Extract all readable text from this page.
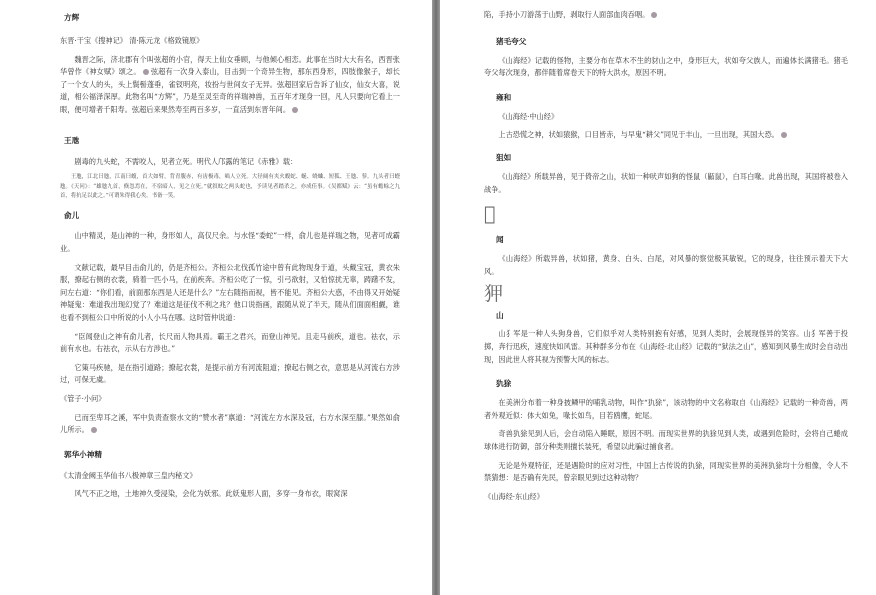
方辉

东晋·干宝《搜神记》 清·陈元龙《格致镜原》

魏晋之际，济北郡有个叫弦超的小官，得天上仙女垂顾，与他倾心相恋。此事在当时大大有名，西晋张华曾作《神女赋》颂之。 弦超有一次身入泰山，目击到一个奇异生物，那东西身形，四肢像猴子，却长了一个女人的头，头上鬓髻蓬垂，雀钗明亮，妆扮与世间女子无异。弦超回家后告诉了仙女，仙女大喜，说道，相公福泽深厚。此物名叫“方辉”，乃是至灵至奇的祥瑞神兽，五百年才现身一回，凡人只要向它看上一眼，便可增者千阳寿。弦超后来果然寿至两百多岁，一直活到东晋年间。

王虺

剧毒的九头蛇，不需咬人，见者立死。明代人邝露的笔记《赤雅》载：

王虺，江北曰虺，江南曰蝮，首大如臂，背青腹赤，有齿极毒，啮人立死。大径阔有夹火蝮蛇、蜒、蛲蛐、短狐、王虺、蓼。九头者曰蝰虺。《天问》：“雄虺九首，倏忽焉在，不宿暗人，见之立死。”就叙蚊之两头蛇也，予读见者踏杀之，亦成佳事。《吴都赋》云：“虽有蟾蜍之九首，将抗足以此之。”可谓朱得我心矣。书备一笑。

俞儿

山中精灵，是山神的一种，身形如人，高仅尺余。与水怪“委蛇”一样，俞儿也是祥瑞之物，见者可成霸业。

文献记载，最早目击俞儿的，仍是齐桓公。齐桓公北伐孤竹途中曾有此物现身于道，头戴宝冠，黄衣朱服，撩起右侧的衣裳，骑着一匹小马，在前疾奔。齐桓公吃了一惊，引弓欲射，又怕惊扰无辜，踌躇不发，问左右道：“你们看，前面那东西是人还是什么？”左右随指而视，皆不能见。齐桓公大惑，不由得又开始疑神疑鬼：难道我出现幻觉了？难道这是征伐不利之兆？他口说指画，跟随从说了半天，随从们面面相觑，谁也看不到桓公口中所说的小人小马在哪。这时管仲说道：

“臣闻登山之神有俞儿者，长尺而人物具焉。霸王之君兴，而登山神见。且走马前疾，道也。祛衣，示前有水也。右祛衣，示从右方涉也。”

它策马疾驰，是在指引道路；撩起衣裳，是提示前方有河流阻道；撩起右侧之衣，意思是从河流右方涉过，可保无虞。

《管子·小问》

已而至卑耳之溪，军中负责查察水文的“赞水者”禀道：“河流左方水深及冠，右方水深至膝。”果然如俞儿所示。

郭华小神精

《太清金阙玉华仙书八极神章三皇内秘文》

风气不正之地，土地神久受浸染，会化为妖邪。此妖鬼形人面，多穿一身布衣，眼窝深

陷，手持小刀游荡于山野，剥取行人面部血肉吞咽。

猪毛夸父

《山海经》记载的怪物，主要分布在草木不生的豺山之中，身形巨大，状如夸父族人，而遍体长满猪毛。猪毛夸父每次现身，都伴随着席卷天下的特大洪水，原因不明。

雍和

《山海经·中山经》

上古恐慌之神，状如猿猴，口目皆赤，与早鬼“耕父”同见于丰山，一旦出现，其国大恐。

狙如

《山海经》所载异兽，见于倚帝之山，状如一种吠声如狗的怪鼠（鼫鼠），白耳白喙。此兽出现，其国将被卷入战争。

𤞍
闻

《山海经》所载异兽，状如猪，黄身、白头、白尾，对风暴的察觉极其敏锐，它的现身，往往预示着天下大风。

狎
山

山犭军是一种人头狗身兽，它们似乎对人类特别抱有好感，见到人类时，会展现怪异的笑容。山犭军善于投掷，奔行迅疾，速度快如风雷。其种群多分布在《山海经·北山经》记载的“狱法之山”，感知到风暴生成时会自动出现，因此世人将其视为预警大风的标志。

犰狳

在美洲分布着一种身披鳞甲的哺乳动物，叫作“犰狳”，该动物的中文名称取自《山海经》记载的一种奇兽，两者外观近似：体大如兔，喙长如鸟，目若鸥鹰，蛇尾。

奇兽犰狳见到人后，会自动陷入睡眠，原因不明。而现实世界的犰狳见到人类，或遇到危险时，会将自己蜷成球体进行防御，部分种类则擅长装死，希望以此骗过捕食者。

无论是外观特征，还是遇险时的应对习性，中国上古传说的犰狳，同现实世界的美洲犰狳均十分相像，令人不禁猜想：是否确有先民，曾亲眼见到过这种动物？

《山海经·东山经》
